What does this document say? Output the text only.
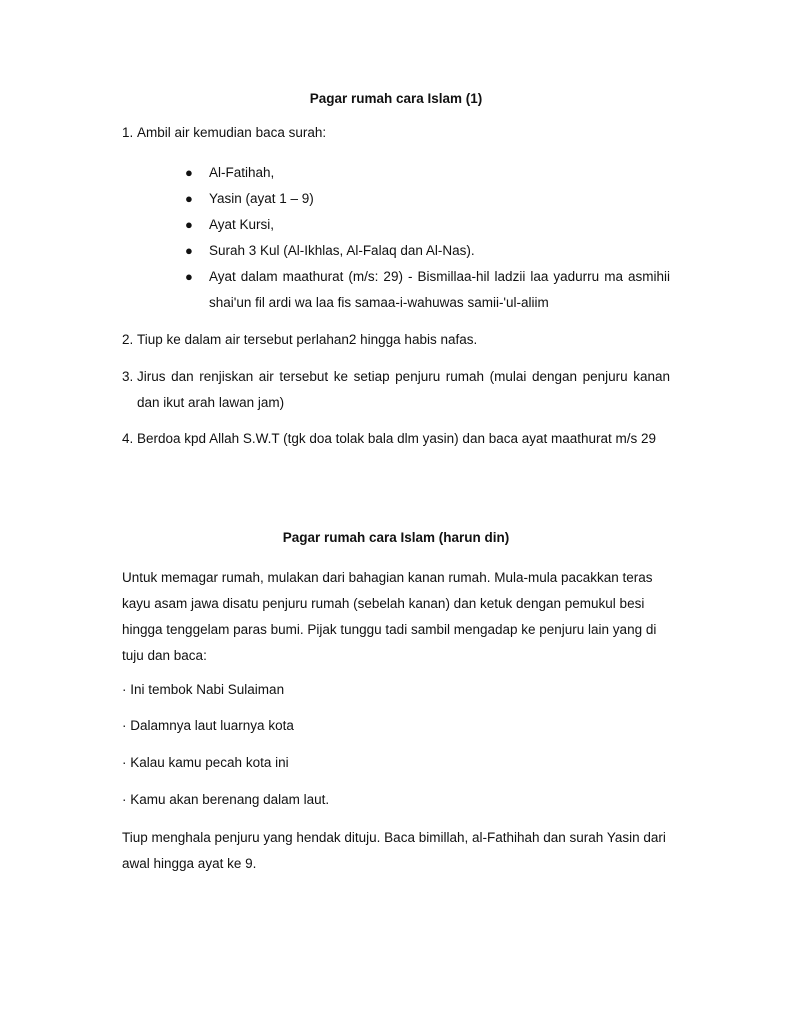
Pagar rumah cara Islam (1)
1. Ambil air kemudian baca surah:
●	Al-Fatihah,
●	Yasin (ayat 1 – 9)
●	Ayat Kursi,
●	Surah 3 Kul (Al-Ikhlas, Al-Falaq dan Al-Nas).
●	Ayat dalam maathurat (m/s: 29) - Bismillaa-hil ladzii laa yadurru ma asmihii shai'un fil ardi wa laa fis samaa-i-wahuwas samii-'ul-aliim
2. Tiup ke dalam air tersebut perlahan2 hingga habis nafas.
3. Jirus dan renjiskan air tersebut ke setiap penjuru rumah (mulai dengan penjuru kanan dan ikut arah lawan jam)
4. Berdoa kpd Allah S.W.T (tgk doa tolak bala dlm yasin) dan baca ayat maathurat m/s 29
Pagar rumah cara Islam (harun din)

Untuk memagar rumah, mulakan dari bahagian kanan rumah. Mula-mula pacakkan teras kayu asam jawa disatu penjuru rumah (sebelah kanan) dan ketuk dengan pemukul besi hingga tenggelam paras bumi. Pijak tunggu tadi sambil mengadap ke penjuru lain yang di tuju dan baca:

· Ini tembok Nabi Sulaiman

· Dalamnya laut luarnya kota

· Kalau kamu pecah kota ini

· Kamu akan berenang dalam laut.

Tiup menghala penjuru yang hendak dituju. Baca bimillah, al-Fathihah dan surah Yasin dari awal hingga ayat ke 9.
